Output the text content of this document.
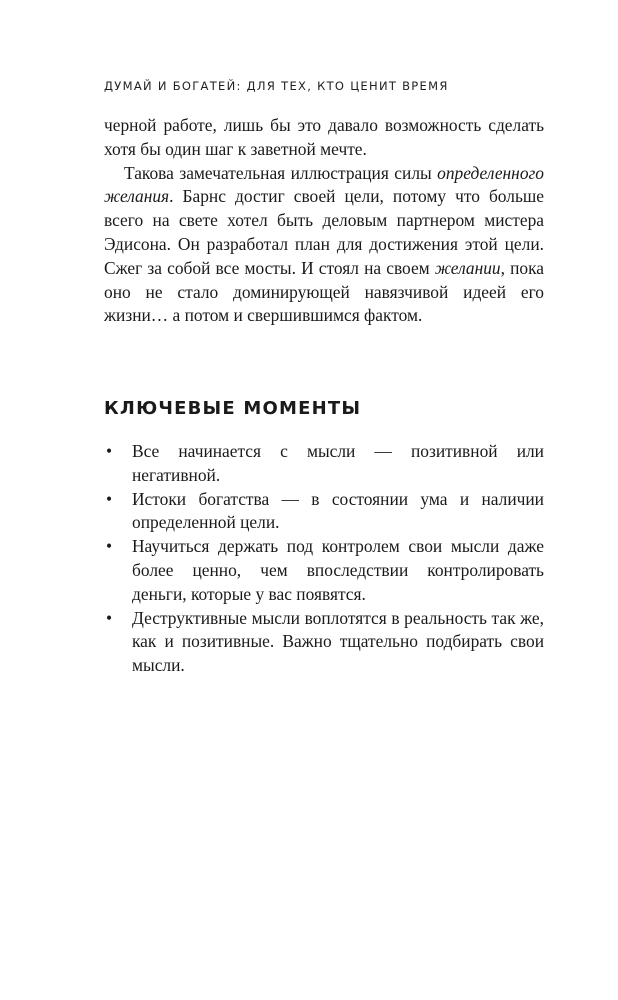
ДУМАЙ И БОГАТЕЙ: ДЛЯ ТЕХ, КТО ЦЕНИТ ВРЕМЯ

черной работе, лишь бы это давало возможность сделать хотя бы один шаг к заветной мечте.

Такова замечательная иллюстрация силы определенного желания. Барнс достиг своей цели, потому что больше всего на свете хотел быть деловым партнером мистера Эдисона. Он разработал план для достижения этой цели. Сжег за собой все мосты. И стоял на своем желании, пока оно не стало доминирующей навязчивой идеей его жизни… а потом и свершившимся фактом.

КЛЮЧЕВЫЕ МОМЕНТЫ
• Все начинается с мысли — позитивной или негативной.
• Истоки богатства — в состоянии ума и наличии определенной цели.
• Научиться держать под контролем свои мысли даже более ценно, чем впоследствии контролировать деньги, которые у вас появятся.
• Деструктивные мысли воплотятся в реальность так же, как и позитивные. Важно тщательно подбирать свои мысли.
